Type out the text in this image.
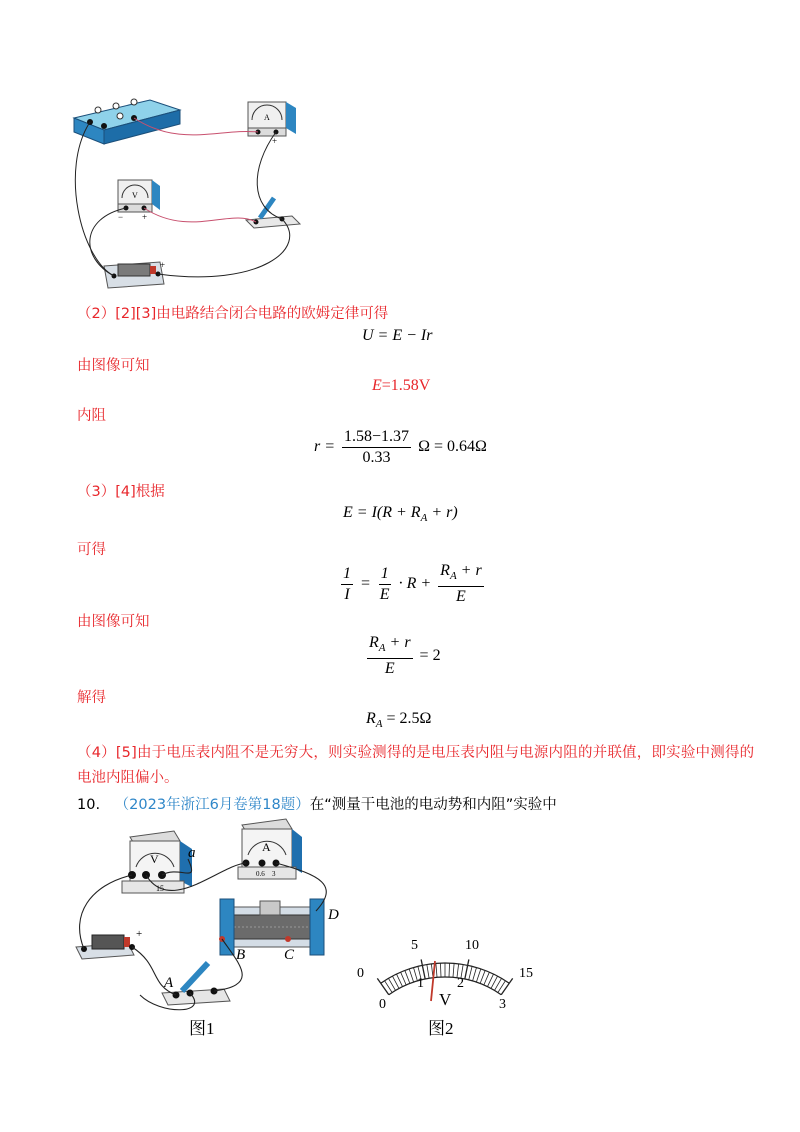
A
+
V
− +
+
（2）[2][3]由电路结合闭合电路的欧姆定律可得
U = E − Ir
由图像可知
E=1.58V
内阻
$r = \frac{1.58-1.37}{0.33}$ Ω = 0.64Ω
（3）[4]根据
$E = I(R + R_A + r)$
可得
$\frac{1}{I} = \frac{1}{E} \cdot R + \frac{R_A + r}{E}$
由图像可知
$\frac{R_A + r}{E} = 2$
解得
$R_A = 2.5\Omega$
（4）[5]由于电压表内阻不是无穷大，则实验测得的是电压表内阻与电源内阻的并联值，即实验中测得的
电池内阻偏小。
10. （2023年浙江6月卷第18题）在“测量干电池的电动势和内阻”实验中
V
15
a	A
0.6 3
B	C
D
+
A
图1
0
5	10
15
0
1 2
3
V
图2
